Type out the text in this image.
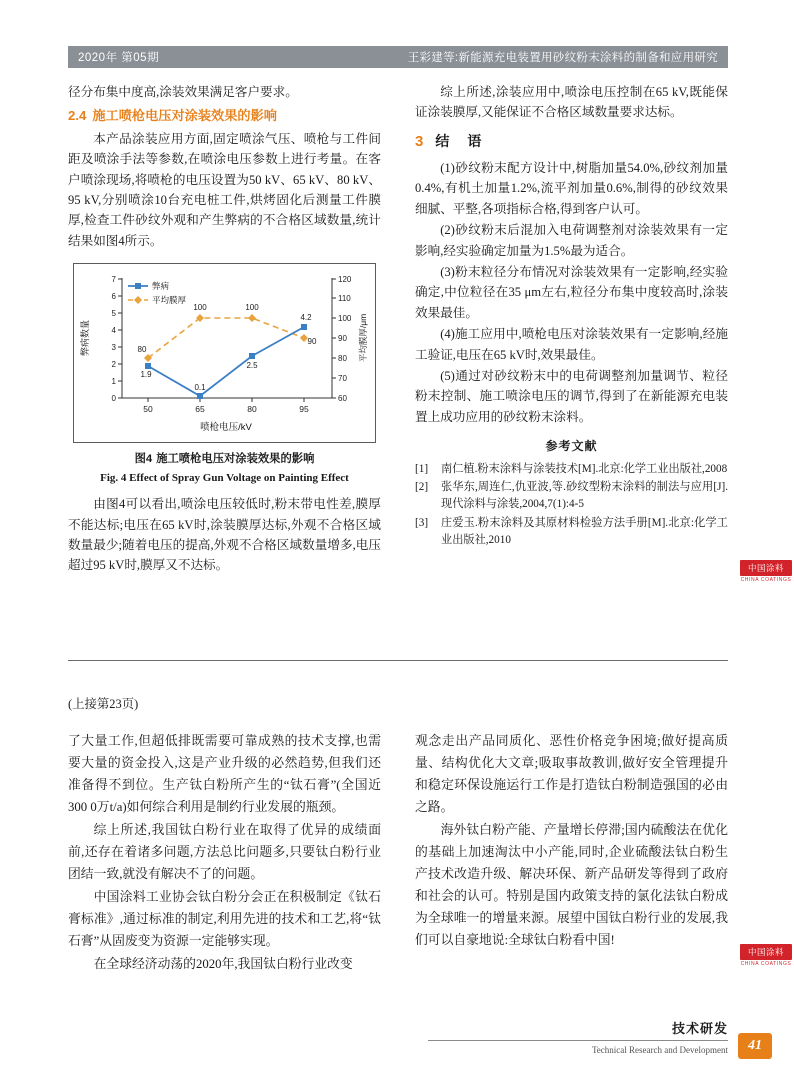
2020年 第05期	王彩建等:新能源充电装置用砂纹粉末涂料的制备和应用研究

径分布集中度高,涂装效果满足客户要求。

2.4 施工喷枪电压对涂装效果的影响

本产品涂装应用方面,固定喷涂气压、喷枪与工件间距及喷涂手法等参数,在喷涂电压参数上进行考量。在客户喷涂现场,将喷枪的电压设置为50 kV、65 kV、80 kV、95 kV,分别喷涂10台充电桩工件,烘烤固化后测量工件膜厚,检查工件砂纹外观和产生弊病的不合格区域数量,统计结果如图4所示。

0
1
2
3
4
5
6
7
60
70
80
90
100
110
120
50	65	80	95
喷枪电压/kV
弊病数量	平均膜厚/μm
80
100	100
90
1.9
0.1
2.5
4.2
弊病
平均膜厚
图4 施工喷枪电压对涂装效果的影响
Fig. 4 Effect of Spray Gun Voltage on Painting Effect

由图4可以看出,喷涂电压较低时,粉末带电性差,膜厚不能达标;电压在65 kV时,涂装膜厚达标,外观不合格区域数量最少;随着电压的提高,外观不合格区域数量增多,电压超过95 kV时,膜厚又不达标。

综上所述,涂装应用中,喷涂电压控制在65 kV,既能保证涂装膜厚,又能保证不合格区域数量要求达标。

3 结　语

(1)砂纹粉末配方设计中,树脂加量54.0%,砂纹剂加量0.4%,有机土加量1.2%,流平剂加量0.6%,制得的砂纹效果细腻、平整,各项指标合格,得到客户认可。

(2)砂纹粉末后混加入电荷调整剂对涂装效果有一定影响,经实验确定加量为1.5%最为适合。

(3)粉末粒径分布情况对涂装效果有一定影响,经实验确定,中位粒径在35 μm左右,粒径分布集中度较高时,涂装效果最佳。

(4)施工应用中,喷枪电压对涂装效果有一定影响,经施工验证,电压在65 kV时,效果最佳。

(5)通过对砂纹粉末中的电荷调整剂加量调节、粒径粉末控制、施工喷涂电压的调节,得到了在新能源充电装置上成功应用的砂纹粉末涂料。

参考文献
[1]	南仁植.粉末涂料与涂装技术[M].北京:化学工业出版社,2008
[2]	张华东,周连仁,仇亚波,等.砂纹型粉末涂料的制法与应用[J].现代涂料与涂装,2004,7(1):4-5
[3]	庄爱玉.粉末涂料及其原材料检验方法手册[M].北京:化学工业出版社,2010
中国涂料
CHINA COATINGS
(上接第23页)

了大量工作,但超低排既需要可靠成熟的技术支撑,也需要大量的资金投入,这是产业升级的必然趋势,但我们还准备得不到位。生产钛白粉所产生的“钛石膏”(全国近300 0万t/a)如何综合利用是制约行业发展的瓶颈。

综上所述,我国钛白粉行业在取得了优异的成绩面前,还存在着诸多问题,方法总比问题多,只要钛白粉行业团结一致,就没有解决不了的问题。

中国涂料工业协会钛白粉分会正在积极制定《钛石膏标准》,通过标准的制定,利用先进的技术和工艺,将“钛石膏”从固废变为资源一定能够实现。

在全球经济动荡的2020年,我国钛白粉行业改变

观念走出产品同质化、恶性价格竞争困境;做好提高质量、结构优化大文章;吸取事故教训,做好安全管理提升和稳定环保设施运行工作是打造钛白粉制造强国的必由之路。

海外钛白粉产能、产量增长停滞;国内硫酸法在优化的基础上加速淘汰中小产能,同时,企业硫酸法钛白粉生产技术改造升级、解决环保、新产品研发等得到了政府和社会的认可。特别是国内政策支持的氯化法钛白粉成为全球唯一的增量来源。展望中国钛白粉行业的发展,我们可以自豪地说:全球钛白粉看中国!

中国涂料
CHINA COATINGS
技术研发
Technical Research and Development	41
